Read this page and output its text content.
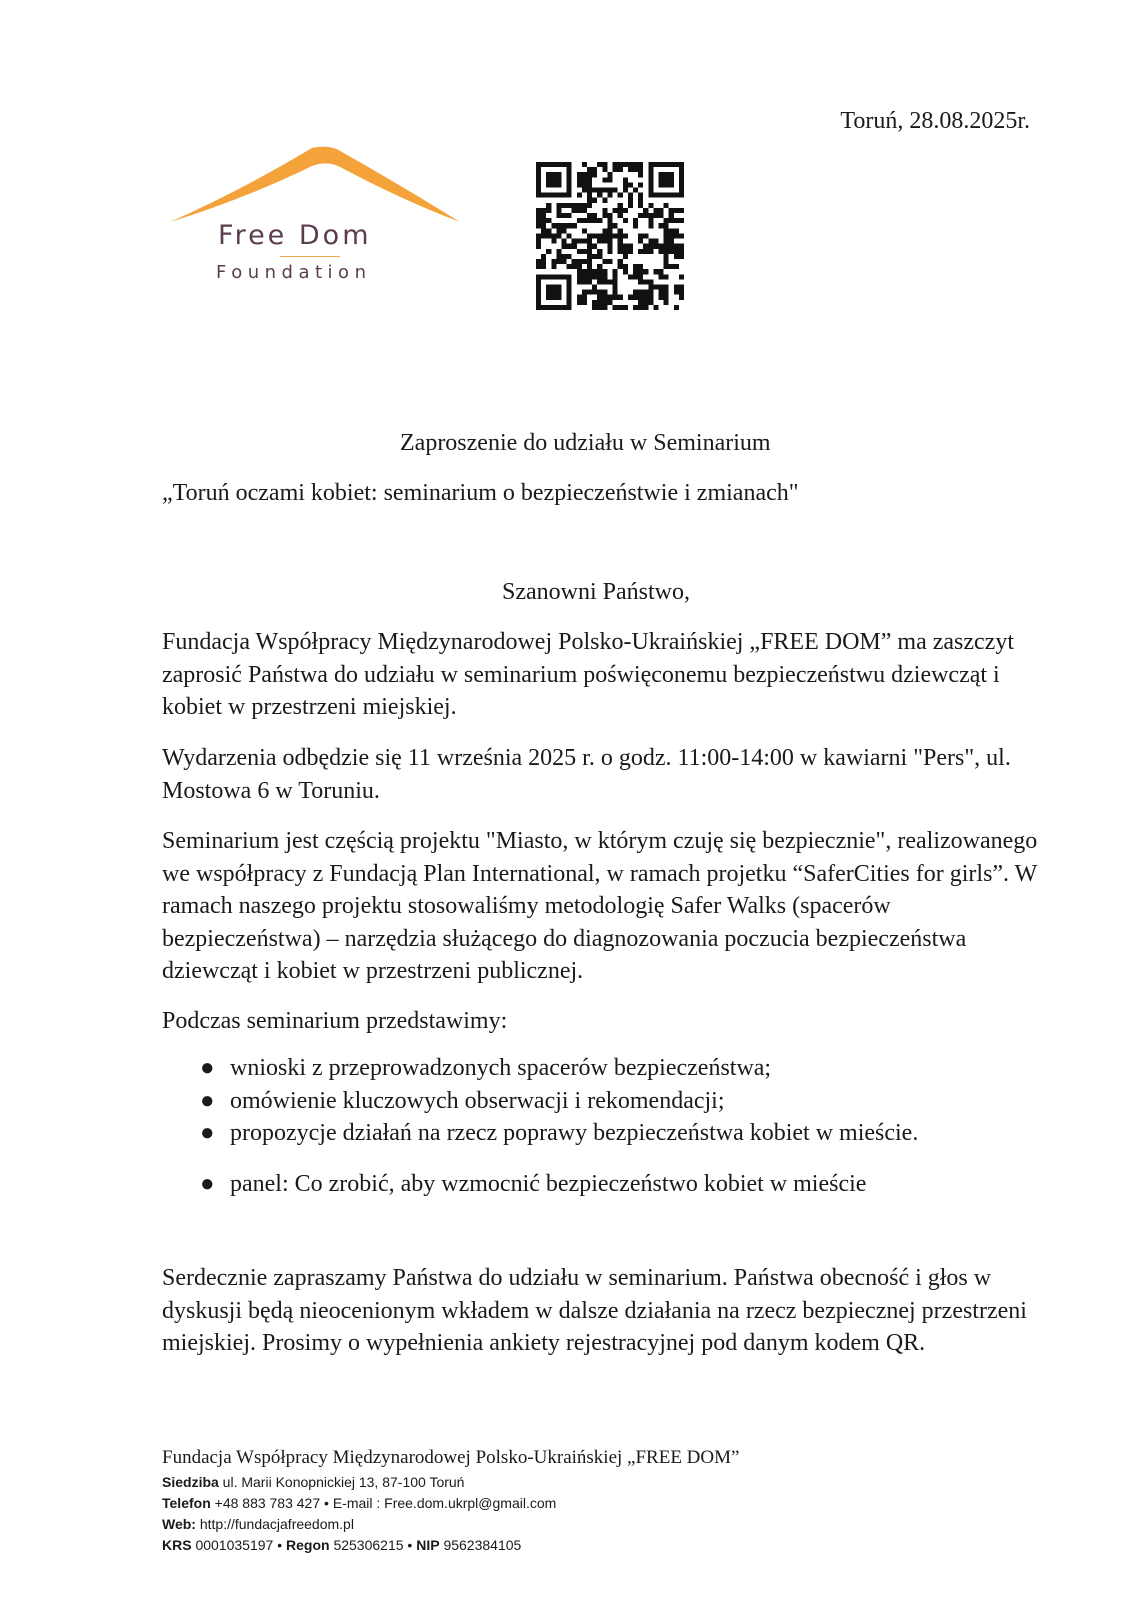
Toruń, 28.08.2025r.
Free Dom
Foundation
Zaproszenie do udziału w Seminarium
„Toruń oczami kobiet: seminarium o bezpieczeństwie i zmianach"
Szanowni Państwo,

Fundacja Współpracy Międzynarodowej Polsko-Ukraińskiej „FREE DOM” ma zaszczyt zaprosić Państwa do udziału w seminarium poświęconemu bezpieczeństwu dziewcząt i kobiet w przestrzeni miejskiej.

Wydarzenia odbędzie się 11 września 2025 r. o godz. 11:00-14:00 w kawiarni "Pers", ul. Mostowa 6 w Toruniu.

Seminarium jest częścią projektu "Miasto, w którym czuję się bezpiecznie", realizowanego we współpracy z Fundacją Plan International, w ramach projetku “SaferCities for girls”. W ramach naszego projektu stosowaliśmy metodologię Safer Walks (spacerów bezpieczeństwa) – narzędzia służącego do diagnozowania poczucia bezpieczeństwa dziewcząt i kobiet w przestrzeni publicznej.

Podczas seminarium przedstawimy:

● wnioski z przeprowadzonych spacerów bezpieczeństwa;
● omówienie kluczowych obserwacji i rekomendacji;
● propozycje działań na rzecz poprawy bezpieczeństwa kobiet w mieście.
● panel: Co zrobić, aby wzmocnić bezpieczeństwo kobiet w mieście

Serdecznie zapraszamy Państwa do udziału w seminarium. Państwa obecność i głos w dyskusji będą nieocenionym wkładem w dalsze działania na rzecz bezpiecznej przestrzeni miejskiej. Prosimy o wypełnienia ankiety rejestracyjnej pod danym kodem QR.

Fundacja Współpracy Międzynarodowej Polsko-Ukraińskiej „FREE DOM”
Siedziba ul. Marii Konopnickiej 13, 87-100 Toruń
Telefon +48 883 783 427 • E-mail : Free.dom.ukrpl@gmail.com
Web: http://fundacjafreedom.pl
KRS 0001035197 • Regon 525306215 • NIP 9562384105
